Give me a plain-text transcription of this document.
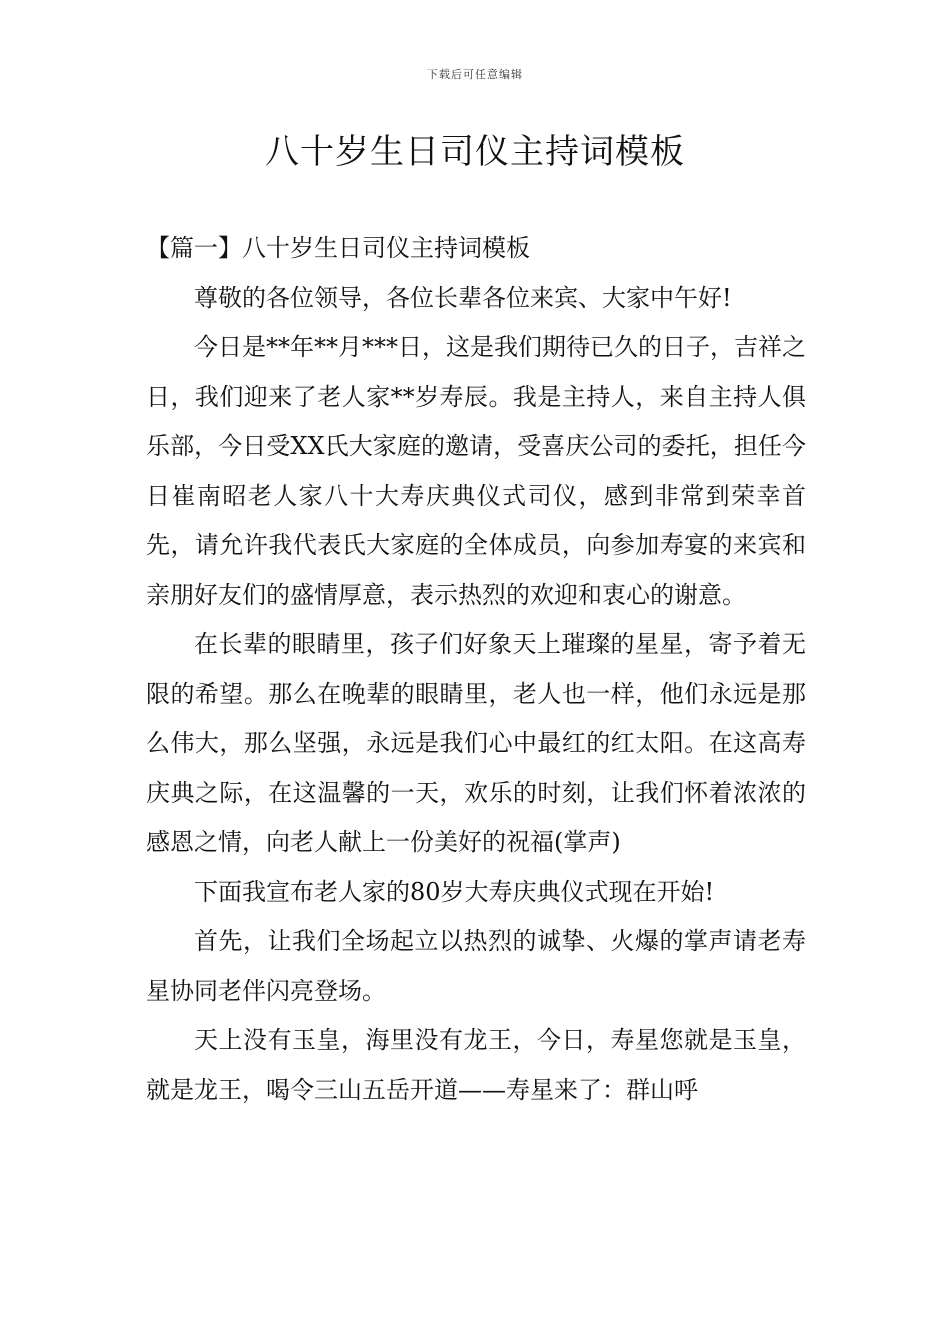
下载后可任意编辑
八十岁生日司仪主持词模板

【篇一】八十岁生日司仪主持词模板

尊敬的各位领导，各位长辈各位来宾、大家中午好!

今日是**年**月***日，这是我们期待已久的日子，吉祥之日，我们迎来了老人家**岁寿辰。我是主持人，来自主持人俱乐部，今日受XX氏大家庭的邀请，受喜庆公司的委托，担任今日崔南昭老人家八十大寿庆典仪式司仪，感到非常到荣幸首先，请允许我代表氏大家庭的全体成员，向参加寿宴的来宾和亲朋好友们的盛情厚意，表示热烈的欢迎和衷心的谢意。

在长辈的眼睛里，孩子们好象天上璀璨的星星，寄予着无限的希望。那么在晚辈的眼睛里，老人也一样，他们永远是那么伟大，那么坚强，永远是我们心中最红的红太阳。在这高寿庆典之际，在这温馨的一天，欢乐的时刻，让我们怀着浓浓的感恩之情，向老人献上一份美好的祝福(掌声)

下面我宣布老人家的80岁大寿庆典仪式现在开始!

首先，让我们全场起立以热烈的诚挚、火爆的掌声请老寿星协同老伴闪亮登场。

天上没有玉皇，海里没有龙王，今日，寿星您就是玉皇，就是龙王，喝令三山五岳开道——寿星来了：群山呼
